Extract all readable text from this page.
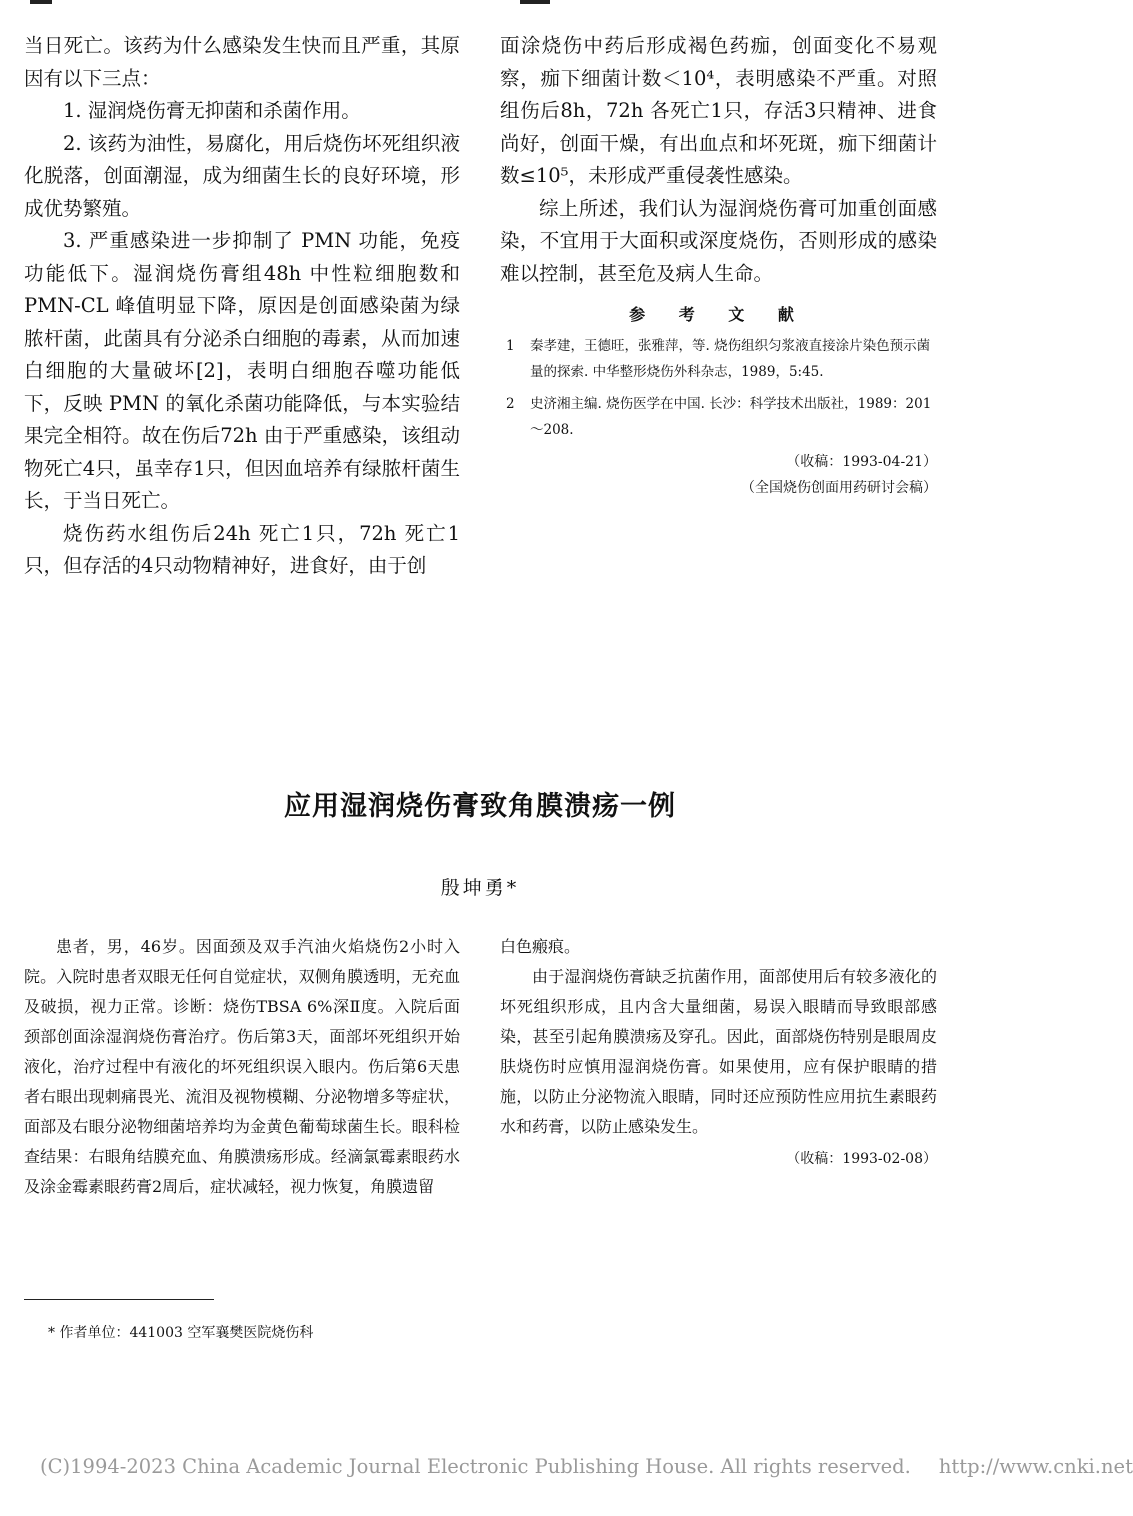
当日死亡。该药为什么感染发生快而且严重，其原因有以下三点：

1. 湿润烧伤膏无抑菌和杀菌作用。

2. 该药为油性，易腐化，用后烧伤坏死组织液化脱落，创面潮湿，成为细菌生长的良好环境，形成优势繁殖。

3. 严重感染进一步抑制了 PMN 功能，免疫功能低下。湿润烧伤膏组48h 中性粒细胞数和 PMN-CL 峰值明显下降，原因是创面感染菌为绿脓杆菌，此菌具有分泌杀白细胞的毒素，从而加速白细胞的大量破坏[2]，表明白细胞吞噬功能低下，反映 PMN 的氧化杀菌功能降低，与本实验结果完全相符。故在伤后72h 由于严重感染，该组动物死亡4只，虽幸存1只，但因血培养有绿脓杆菌生长，于当日死亡。

烧伤药水组伤后24h 死亡1只，72h 死亡1只，但存活的4只动物精神好，进食好，由于创

面涂烧伤中药后形成褐色药痂，创面变化不易观察，痂下细菌计数＜10⁴，表明感染不严重。对照组伤后8h，72h 各死亡1只，存活3只精神、进食尚好，创面干燥，有出血点和坏死斑，痂下细菌计数≤10⁵，未形成严重侵袭性感染。

综上所述，我们认为湿润烧伤膏可加重创面感染，不宜用于大面积或深度烧伤，否则形成的感染难以控制，甚至危及病人生命。

参 考 文 献

1 秦孝建，王德旺，张雅萍，等. 烧伤组织匀浆液直接涂片染色预示菌量的探索. 中华整形烧伤外科杂志，1989，5:45.
2 史济湘主编. 烧伤医学在中国. 长沙：科学技术出版社，1989：201～208.

（收稿：1993-04-21）

（全国烧伤创面用药研讨会稿）

应用湿润烧伤膏致角膜溃疡一例

殷坤勇*

患者，男，46岁。因面颈及双手汽油火焰烧伤2小时入院。入院时患者双眼无任何自觉症状，双侧角膜透明，无充血及破损，视力正常。诊断：烧伤TBSA 6%深Ⅱ度。入院后面颈部创面涂湿润烧伤膏治疗。伤后第3天，面部坏死组织开始液化，治疗过程中有液化的坏死组织误入眼内。伤后第6天患者右眼出现刺痛畏光、流泪及视物模糊、分泌物增多等症状，面部及右眼分泌物细菌培养均为金黄色葡萄球菌生长。眼科检查结果：右眼角结膜充血、角膜溃疡形成。经滴氯霉素眼药水及涂金霉素眼药膏2周后，症状减轻，视力恢复，角膜遗留

白色瘢痕。

由于湿润烧伤膏缺乏抗菌作用，面部使用后有较多液化的坏死组织形成，且内含大量细菌，易误入眼睛而导致眼部感染，甚至引起角膜溃疡及穿孔。因此，面部烧伤特别是眼周皮肤烧伤时应慎用湿润烧伤膏。如果使用，应有保护眼睛的措施，以防止分泌物流入眼睛，同时还应预防性应用抗生素眼药水和药膏，以防止感染发生。

（收稿：1993-02-08）

* 作者单位：441003 空军襄樊医院烧伤科

(C)1994-2023 China Academic Journal Electronic Publishing House. All rights reserved. http://www.cnki.net
